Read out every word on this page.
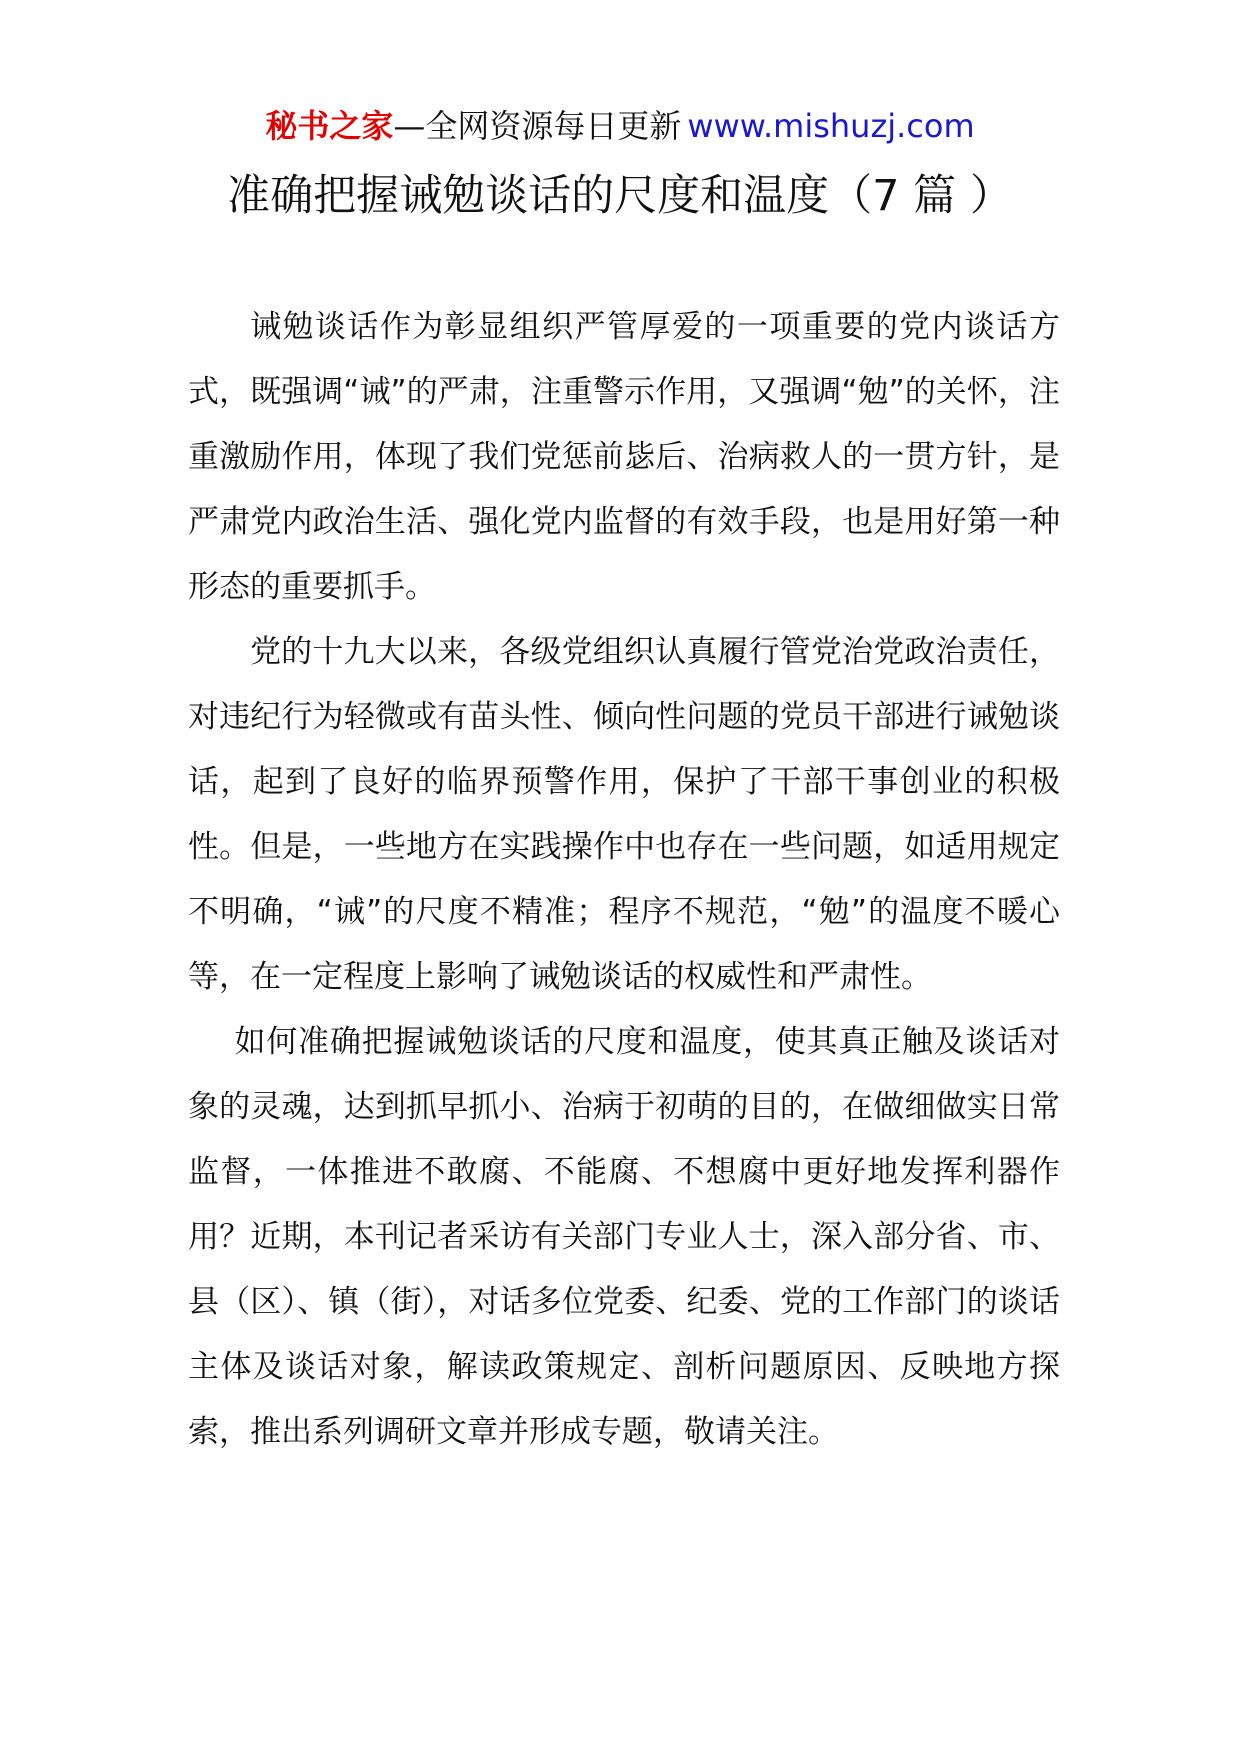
秘书之家—全网资源每日更新 www.mishuzj.com
准确把握诫勉谈话的尺度和温度（7 篇 ）

诫勉谈话作为彰显组织严管厚爱的一项重要的党内谈话方式，既强调“诫”的严肃，注重警示作用，又强调“勉”的关怀，注重激励作用，体现了我们党惩前毖后、治病救人的一贯方针，是严肃党内政治生活、强化党内监督的有效手段，也是用好第一种形态的重要抓手。

党的十九大以来，各级党组织认真履行管党治党政治责任，对违纪行为轻微或有苗头性、倾向性问题的党员干部进行诫勉谈话，起到了良好的临界预警作用，保护了干部干事创业的积极性。但是，一些地方在实践操作中也存在一些问题，如适用规定不明确，“诫”的尺度不精准；程序不规范，“勉”的温度不暖心等，在一定程度上影响了诫勉谈话的权威性和严肃性。

如何准确把握诫勉谈话的尺度和温度，使其真正触及谈话对象的灵魂，达到抓早抓小、治病于初萌的目的，在做细做实日常监督，一体推进不敢腐、不能腐、不想腐中更好地发挥利器作用？近期，本刊记者采访有关部门专业人士，深入部分省、市、县（区）、镇（街），对话多位党委、纪委、党的工作部门的谈话主体及谈话对象，解读政策规定、剖析问题原因、反映地方探索，推出系列调研文章并形成专题，敬请关注。
